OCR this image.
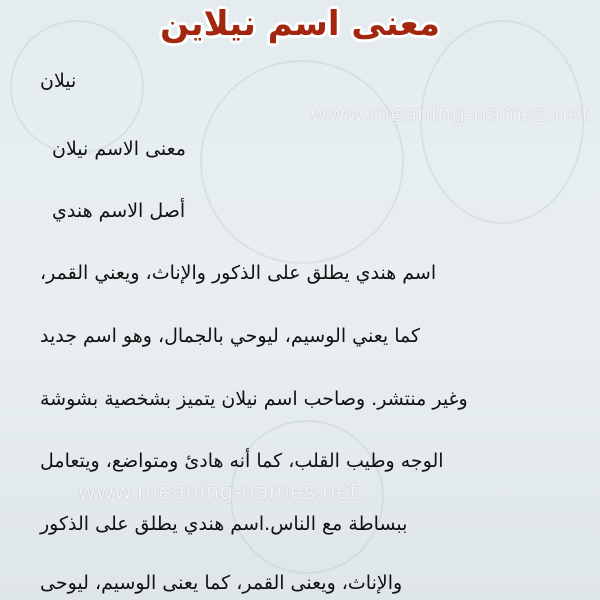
معنى اسم نيلاين
www.meaning-names.net
نيلان
معنى الاسم نيلان
أصل الاسم هندي
اسم هندي يطلق على الذكور والإناث، ويعني القمر،
كما يعني الوسيم، ليوحي بالجمال، وهو اسم جديد
وغير منتشر. وصاحب اسم نيلان يتميز بشخصية بشوشة
الوجه وطيب القلب، كما أنه هادئ ومتواضع، ويتعامل
ببساطة مع الناس.اسم هندي يطلق على الذكور
والإناث، ويعنى القمر، كما يعنى الوسيم، ليوحى
www.meaning-names.net
